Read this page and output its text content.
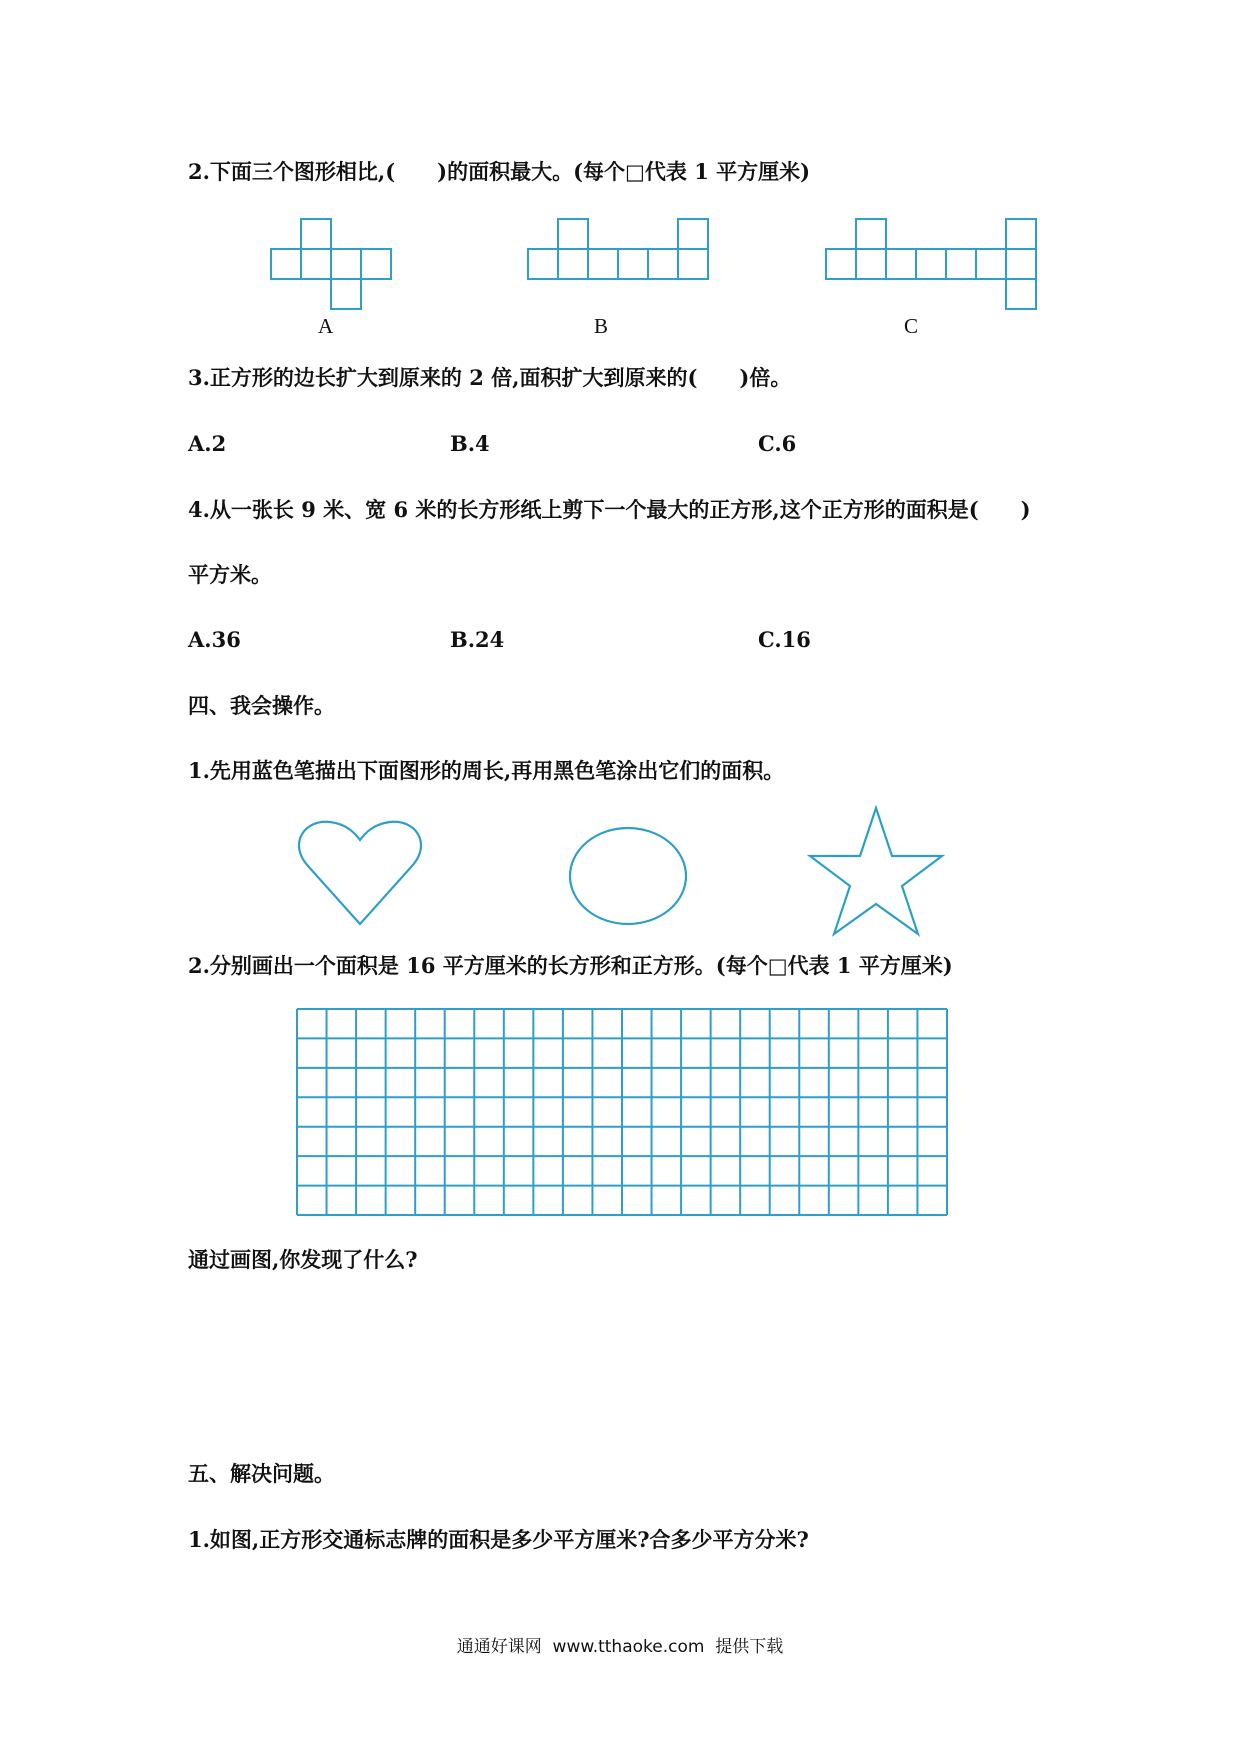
2.下面三个图形相比,(　　)的面积最大。(每个□代表 1 平方厘米)
A	B	C
3.正方形的边长扩大到原来的 2 倍,面积扩大到原来的(　　)倍。
A.2	B.4	C.6
4.从一张长 9 米、宽 6 米的长方形纸上剪下一个最大的正方形,这个正方形的面积是(　　)
平方米。
A.36	B.24	C.16
四、我会操作。
1.先用蓝色笔描出下面图形的周长,再用黑色笔涂出它们的面积。
2.分别画出一个面积是 16 平方厘米的长方形和正方形。(每个□代表 1 平方厘米)
通过画图,你发现了什么?
五、解决问题。
1.如图,正方形交通标志牌的面积是多少平方厘米?合多少平方分米?
通通好课网  www.tthaoke.com  提供下载
